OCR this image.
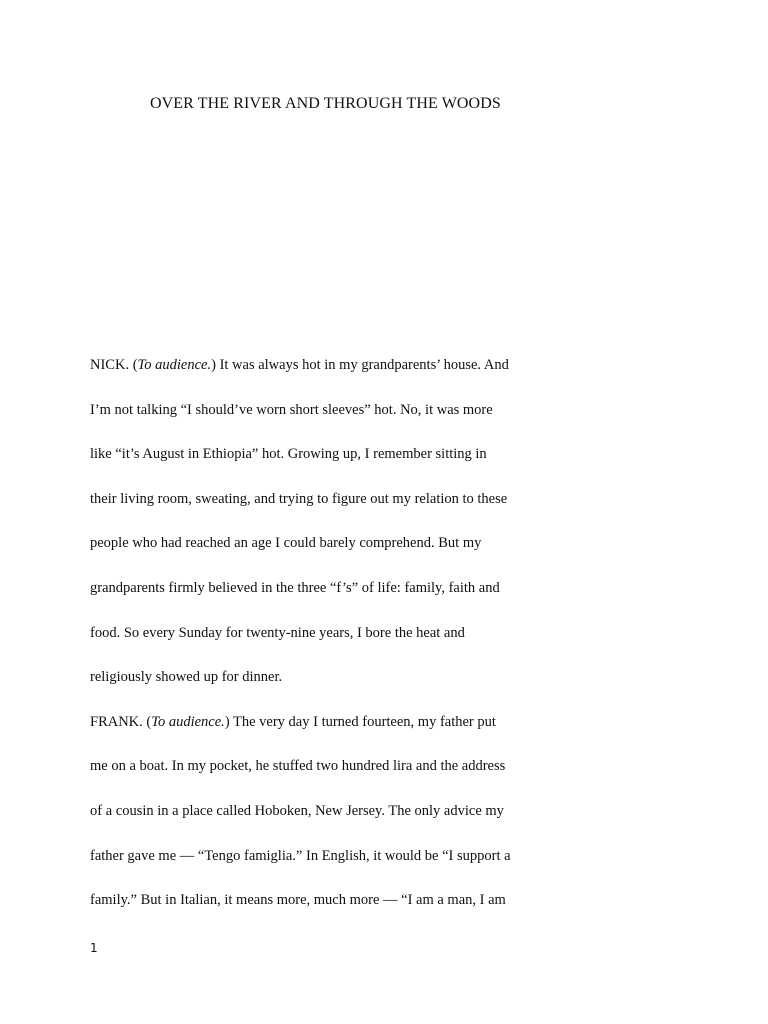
OVER THE RIVER AND THROUGH THE WOODS
NICK. (To audience.) It was always hot in my grandparents’ house. And
I’m not talking “I should’ve worn short sleeves” hot. No, it was more
like “it’s August in Ethiopia” hot. Growing up, I remember sitting in
their living room, sweating, and trying to figure out my relation to these
people who had reached an age I could barely comprehend. But my
grandparents firmly believed in the three “f’s” of life: family, faith and
food. So every Sunday for twenty-nine years, I bore the heat and
religiously showed up for dinner.
FRANK. (To audience.) The very day I turned fourteen, my father put
me on a boat. In my pocket, he stuffed two hundred lira and the address
of a cousin in a place called Hoboken, New Jersey. The only advice my
father gave me — “Tengo famiglia.” In English, it would be “I support a
family.” But in Italian, it means more, much more — “I am a man, I am
1
